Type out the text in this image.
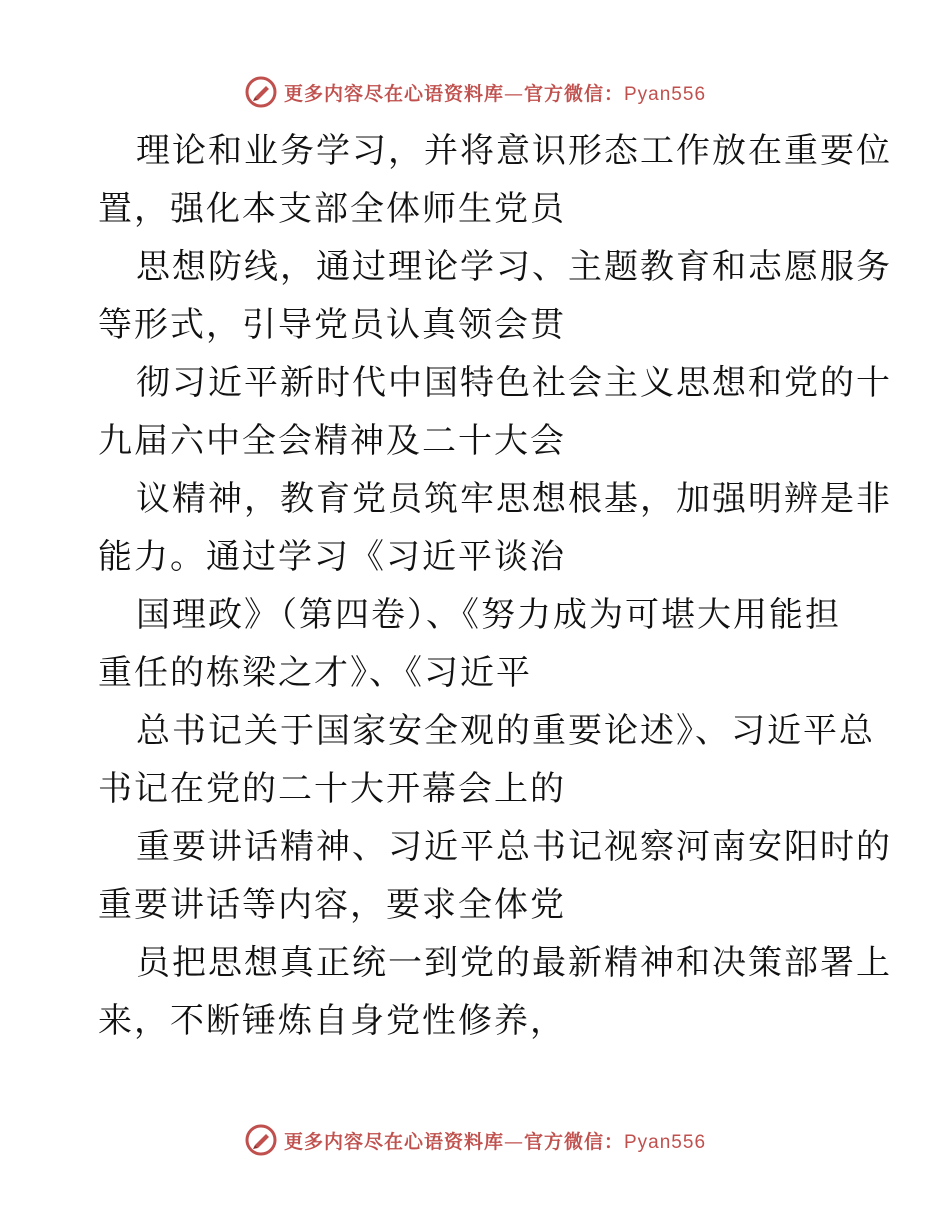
更多内容尽在心语资料库—官方微信：Pyan556
理论和业务学习，并将意识形态工作放在重要位
置，强化本支部全体师生党员
思想防线，通过理论学习、主题教育和志愿服务
等形式，引导党员认真领会贯
彻习近平新时代中国特色社会主义思想和党的十
九届六中全会精神及二十大会
议精神，教育党员筑牢思想根基，加强明辨是非
能力。通过学习《习近平谈治
国理政》（第四卷）、《努力成为可堪大用能担
重任的栋梁之才》、《习近平
总书记关于国家安全观的重要论述》、习近平总
书记在党的二十大开幕会上的
重要讲话精神、习近平总书记视察河南安阳时的
重要讲话等内容，要求全体党
员把思想真正统一到党的最新精神和决策部署上
来，不断锤炼自身党性修养，
更多内容尽在心语资料库—官方微信：Pyan556
